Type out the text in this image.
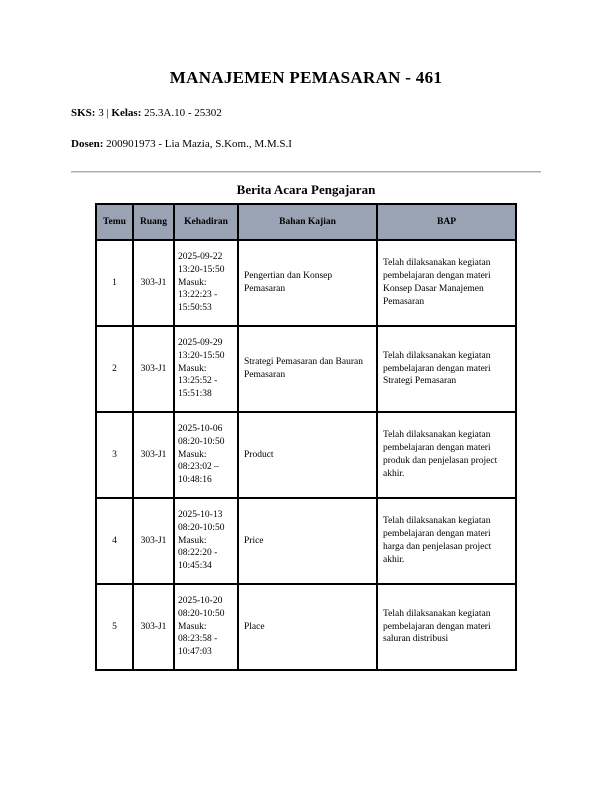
MANAJEMEN PEMASARAN - 461
SKS: 3 | Kelas: 25.3A.10 - 25302
Dosen: 200901973 - Lia Mazia, S.Kom., M.M.S.I
Berita Acara Pengajaran
Temu	Ruang	Kehadiran	Bahan Kajian	BAP
1	303-J1	2025-09-22 13:20-15:50 Masuk: 13:22:23 - 15:50:53	Pengertian dan Konsep Pemasaran	Telah dilaksanakan kegiatan pembelajaran dengan materi Konsep Dasar Manajemen Pemasaran
2	303-J1	2025-09-29 13:20-15:50 Masuk: 13:25:52 - 15:51:38	Strategi Pemasaran dan Bauran Pemasaran	Telah dilaksanakan kegiatan pembelajaran dengan materi Strategi Pemasaran
3	303-J1	2025-10-06 08:20-10:50 Masuk: 08:23:02 – 10:48:16	Product	Telah dilaksanakan kegiatan pembelajaran dengan materi produk dan penjelasan project akhir.
4	303-J1	2025-10-13 08:20-10:50 Masuk: 08:22:20 - 10:45:34	Price	Telah dilaksanakan kegiatan pembelajaran dengan materi harga dan penjelasan project akhir.
5	303-J1	2025-10-20 08:20-10:50 Masuk: 08:23:58 - 10:47:03	Place	Telah dilaksanakan kegiatan pembelajaran dengan materi saluran distribusi
